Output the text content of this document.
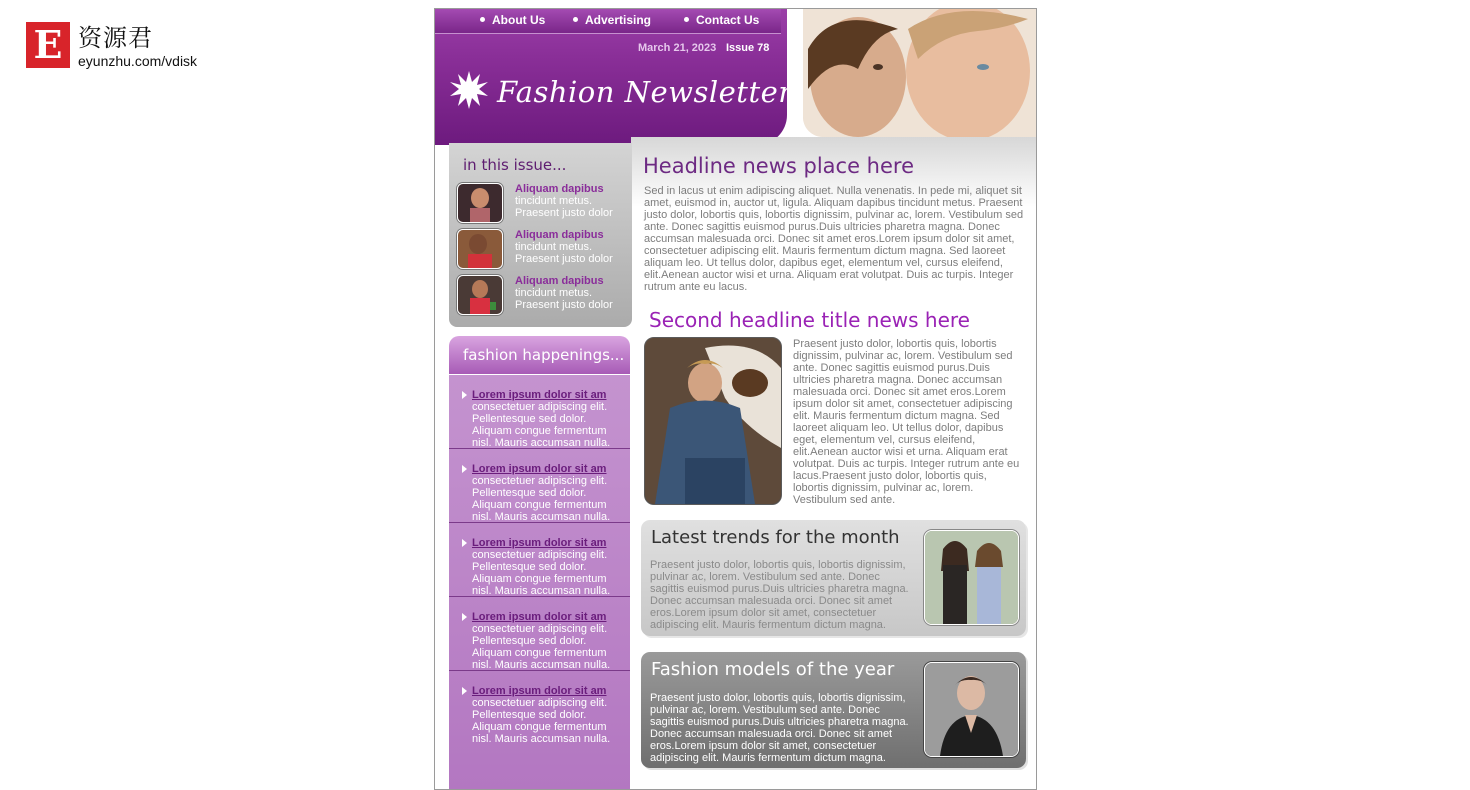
E 资源君
eyunzhu.com/vdisk
About Us	Advertising	Contact Us
March 21, 2023 Issue 78
Fashion Newsletter
in this issue...
Aliquam dapibus
tincidunt metus.
Praesent justo dolor
Aliquam dapibus
tincidunt metus.
Praesent justo dolor
Aliquam dapibus
tincidunt metus.
Praesent justo dolor
fashion happenings...
Lorem ipsum dolor sit am
consectetuer adipiscing elit.
Pellentesque sed dolor.
Aliquam congue fermentum
nisl. Mauris accumsan nulla.
Lorem ipsum dolor sit am
consectetuer adipiscing elit.
Pellentesque sed dolor.
Aliquam congue fermentum
nisl. Mauris accumsan nulla.
Lorem ipsum dolor sit am
consectetuer adipiscing elit.
Pellentesque sed dolor.
Aliquam congue fermentum
nisl. Mauris accumsan nulla.
Lorem ipsum dolor sit am
consectetuer adipiscing elit.
Pellentesque sed dolor.
Aliquam congue fermentum
nisl. Mauris accumsan nulla.
Lorem ipsum dolor sit am
consectetuer adipiscing elit.
Pellentesque sed dolor.
Aliquam congue fermentum
nisl. Mauris accumsan nulla.
Headline news place here
Sed in lacus ut enim adipiscing aliquet. Nulla venenatis. In pede mi, aliquet sit amet, euismod in, auctor ut, ligula. Aliquam dapibus tincidunt metus. Praesent justo dolor, lobortis quis, lobortis dignissim, pulvinar ac, lorem. Vestibulum sed ante. Donec sagittis euismod purus.Duis ultricies pharetra magna. Donec accumsan malesuada orci. Donec sit amet eros.Lorem ipsum dolor sit amet, consectetuer adipiscing elit. Mauris fermentum dictum magna. Sed laoreet aliquam leo. Ut tellus dolor, dapibus eget, elementum vel, cursus eleifend, elit.Aenean auctor wisi et urna. Aliquam erat volutpat. Duis ac turpis. Integer rutrum ante eu lacus.
Second headline title news here
Praesent justo dolor, lobortis quis, lobortis dignissim, pulvinar ac, lorem. Vestibulum sed ante. Donec sagittis euismod purus.Duis ultricies pharetra magna. Donec accumsan malesuada orci. Donec sit amet eros.Lorem ipsum dolor sit amet, consectetuer adipiscing elit. Mauris fermentum dictum magna. Sed laoreet aliquam leo. Ut tellus dolor, dapibus eget, elementum vel, cursus eleifend, elit.Aenean auctor wisi et urna. Aliquam erat volutpat. Duis ac turpis. Integer rutrum ante eu lacus.Praesent justo dolor, lobortis quis, lobortis dignissim, pulvinar ac, lorem. Vestibulum sed ante.
Latest trends for the month
Praesent justo dolor, lobortis quis, lobortis dignissim, pulvinar ac, lorem. Vestibulum sed ante. Donec sagittis euismod purus.Duis ultricies pharetra magna. Donec accumsan malesuada orci. Donec sit amet eros.Lorem ipsum dolor sit amet, consectetuer adipiscing elit. Mauris fermentum dictum magna.
Fashion models of the year
Praesent justo dolor, lobortis quis, lobortis dignissim, pulvinar ac, lorem. Vestibulum sed ante. Donec sagittis euismod purus.Duis ultricies pharetra magna. Donec accumsan malesuada orci. Donec sit amet eros.Lorem ipsum dolor sit amet, consectetuer adipiscing elit. Mauris fermentum dictum magna.
